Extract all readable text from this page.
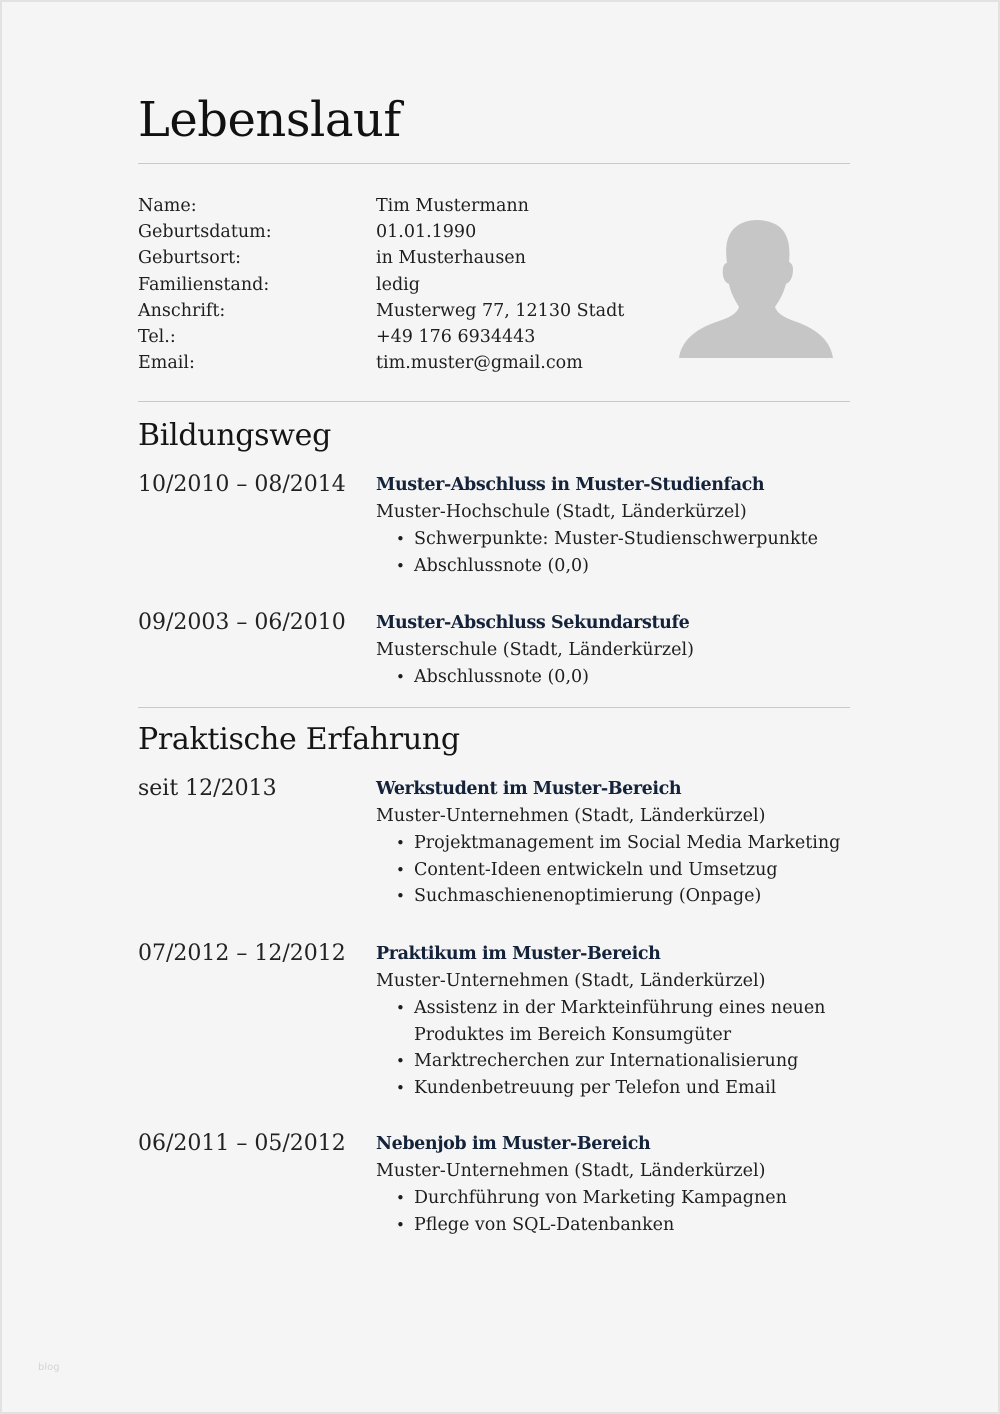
Lebenslauf
Name:	Tim Mustermann
Geburtsdatum:	01.01.1990
Geburtsort:	in Musterhausen
Familienstand:	ledig
Anschrift:	Musterweg 77, 12130 Stadt
Tel.:	+49 176 6934443
Email:	tim.muster@gmail.com
Bildungsweg
10/2010 – 08/2014 Muster-Abschluss in Muster-Studienfach
Muster-Hochschule (Stadt, Länderkürzel)
• Schwerpunkte: Muster-Studienschwerpunkte
• Abschlussnote (0,0)
09/2003 – 06/2010 Muster-Abschluss Sekundarstufe
Musterschule (Stadt, Länderkürzel)
• Abschlussnote (0,0)
Praktische Erfahrung
seit 12/2013	Werkstudent im Muster-Bereich
Muster-Unternehmen (Stadt, Länderkürzel)
• Projektmanagement im Social Media Marketing
• Content-Ideen entwickeln und Umsetzug
• Suchmaschienenoptimierung (Onpage)
07/2012 – 12/2012 Praktikum im Muster-Bereich
Muster-Unternehmen (Stadt, Länderkürzel)
• Assistenz in der Markteinführung eines neuen Produktes im Bereich Konsumgüter
• Marktrecherchen zur Internationalisierung
• Kundenbetreuung per Telefon und Email
06/2011 – 05/2012 Nebenjob im Muster-Bereich
Muster-Unternehmen (Stadt, Länderkürzel)
• Durchführung von Marketing Kampagnen
• Pflege von SQL-Datenbanken
blog
